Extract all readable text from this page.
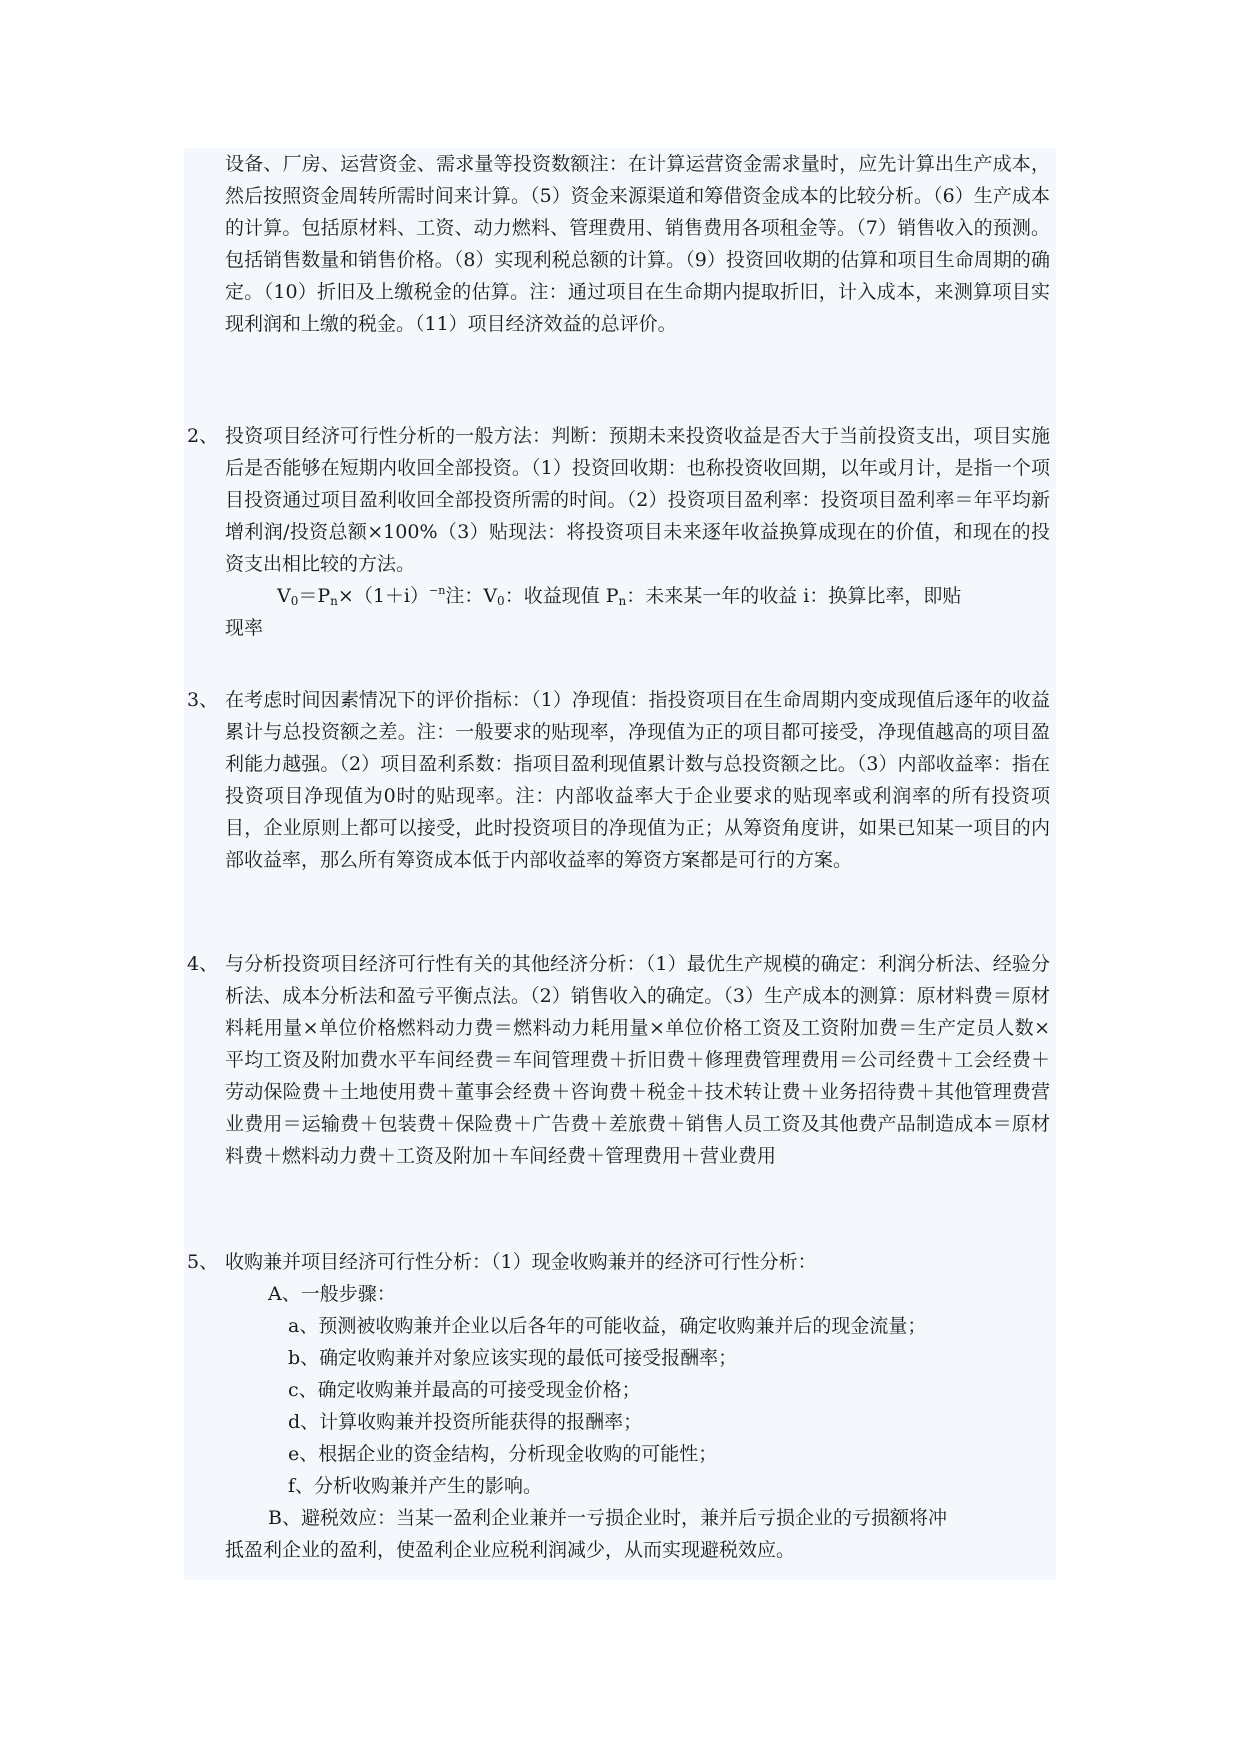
设备、厂房、运营资金、需求量等投资数额注：在计算运营资金需求量时，应先计算出生产成本，然后按照资金周转所需时间来计算。（5）资金来源渠道和筹借资金成本的比较分析。（6）生产成本的计算。包括原材料、工资、动力燃料、管理费用、销售费用各项租金等。（7）销售收入的预测。包括销售数量和销售价格。（8）实现利税总额的计算。（9）投资回收期的估算和项目生命周期的确定。（10）折旧及上缴税金的估算。注：通过项目在生命期内提取折旧，计入成本，来测算项目实现利润和上缴的税金。（11）项目经济效益的总评价。
2、 投资项目经济可行性分析的一般方法：判断：预期未来投资收益是否大于当前投资支出，项目实施后是否能够在短期内收回全部投资。（1）投资回收期：也称投资收回期，以年或月计，是指一个项目投资通过项目盈利收回全部投资所需的时间。（2）投资项目盈利率：投资项目盈利率＝年平均新增利润/投资总额×100%（3）贴现法：将投资项目未来逐年收益换算成现在的价值，和现在的投资支出相比较的方法。
$V_0=P_n\times(1+i)^{-n}$注：$V_0$：收益现值 $P_n$：未来某一年的收益 i：换算比率，即贴
现率
3、 在考虑时间因素情况下的评价指标：（1）净现值：指投资项目在生命周期内变成现值后逐年的收益累计与总投资额之差。注：一般要求的贴现率，净现值为正的项目都可接受，净现值越高的项目盈利能力越强。（2）项目盈利系数：指项目盈利现值累计数与总投资额之比。（3）内部收益率：指在投资项目净现值为0时的贴现率。注：内部收益率大于企业要求的贴现率或利润率的所有投资项目，企业原则上都可以接受，此时投资项目的净现值为正；从筹资角度讲，如果已知某一项目的内部收益率，那么所有筹资成本低于内部收益率的筹资方案都是可行的方案。
4、 与分析投资项目经济可行性有关的其他经济分析：（1）最优生产规模的确定：利润分析法、经验分析法、成本分析法和盈亏平衡点法。（2）销售收入的确定。（3）生产成本的测算：原材料费＝原材料耗用量×单位价格燃料动力费＝燃料动力耗用量×单位价格工资及工资附加费＝生产定员人数×平均工资及附加费水平车间经费＝车间管理费＋折旧费＋修理费管理费用＝公司经费＋工会经费＋劳动保险费＋土地使用费＋董事会经费＋咨询费＋税金＋技术转让费＋业务招待费＋其他管理费营业费用＝运输费＋包装费＋保险费＋广告费＋差旅费＋销售人员工资及其他费产品制造成本＝原材料费＋燃料动力费＋工资及附加＋车间经费＋管理费用＋营业费用
5、 收购兼并项目经济可行性分析：（1）现金收购兼并的经济可行性分析：
A、一般步骤：
a、预测被收购兼并企业以后各年的可能收益，确定收购兼并后的现金流量；
b、确定收购兼并对象应该实现的最低可接受报酬率；
c、确定收购兼并最高的可接受现金价格；
d、计算收购兼并投资所能获得的报酬率；
e、根据企业的资金结构，分析现金收购的可能性；
f、分析收购兼并产生的影响。
B、避税效应：当某一盈利企业兼并一亏损企业时，兼并后亏损企业的亏损额将冲
抵盈利企业的盈利，使盈利企业应税利润减少，从而实现避税效应。
